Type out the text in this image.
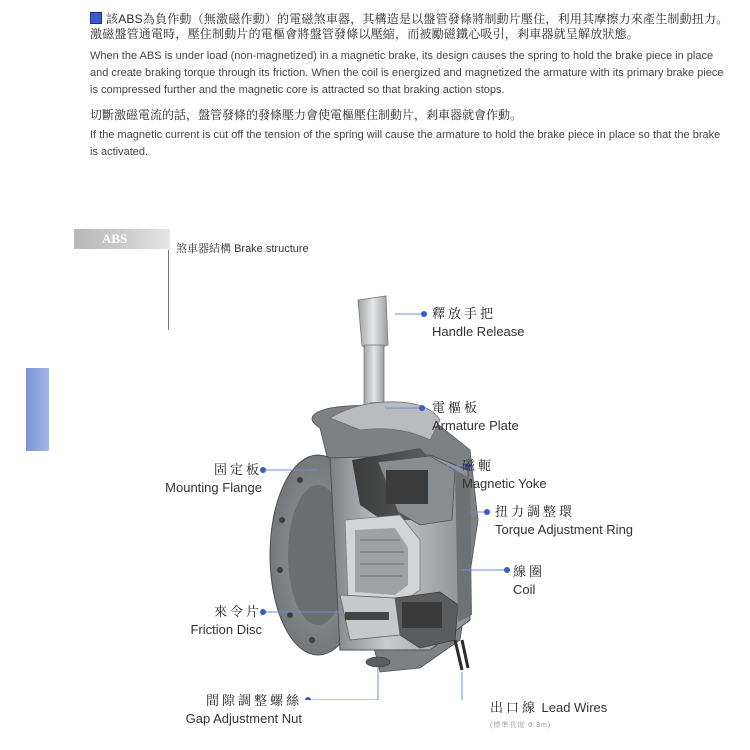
該ABS為負作動（無激磁作動）的電磁煞車器，其構造是以盤管發條將制動片壓住，利用其摩擦力來產生制動扭力。激磁盤管通電時，壓住制動片的電樞會將盤管發條以壓縮，而被勵磁鐵心吸引，剎車器就呈解放狀態。
When the ABS is under load (non-magnetized) in a magnetic brake, its design causes the spring to hold the brake piece in place and create braking torque through its friction. When the coil is energized and magnetized the armature with its primary brake piece is compressed further and the magnetic core is attracted so that braking action stops.
切斷激磁電流的話，盤管發條的發條壓力會使電樞壓住制動片，剎車器就會作動。
If the magnetic current is cut off the tension of the spring will cause the armature to hold the brake piece in place so that the brake is activated.
ABS
煞車器結構 Brake structure
釋放手把
Handle Release
電樞板
Armature Plate
磁軛
Magnetic Yoke
扭力調整環
Torque Adjustment Ring
線圈
Coil
固定板
Mounting Flange
來令片
Friction Disc
間隙調整螺絲
Gap Adjustment Nut
出口線 Lead Wires
(標準長度 0.3m)
